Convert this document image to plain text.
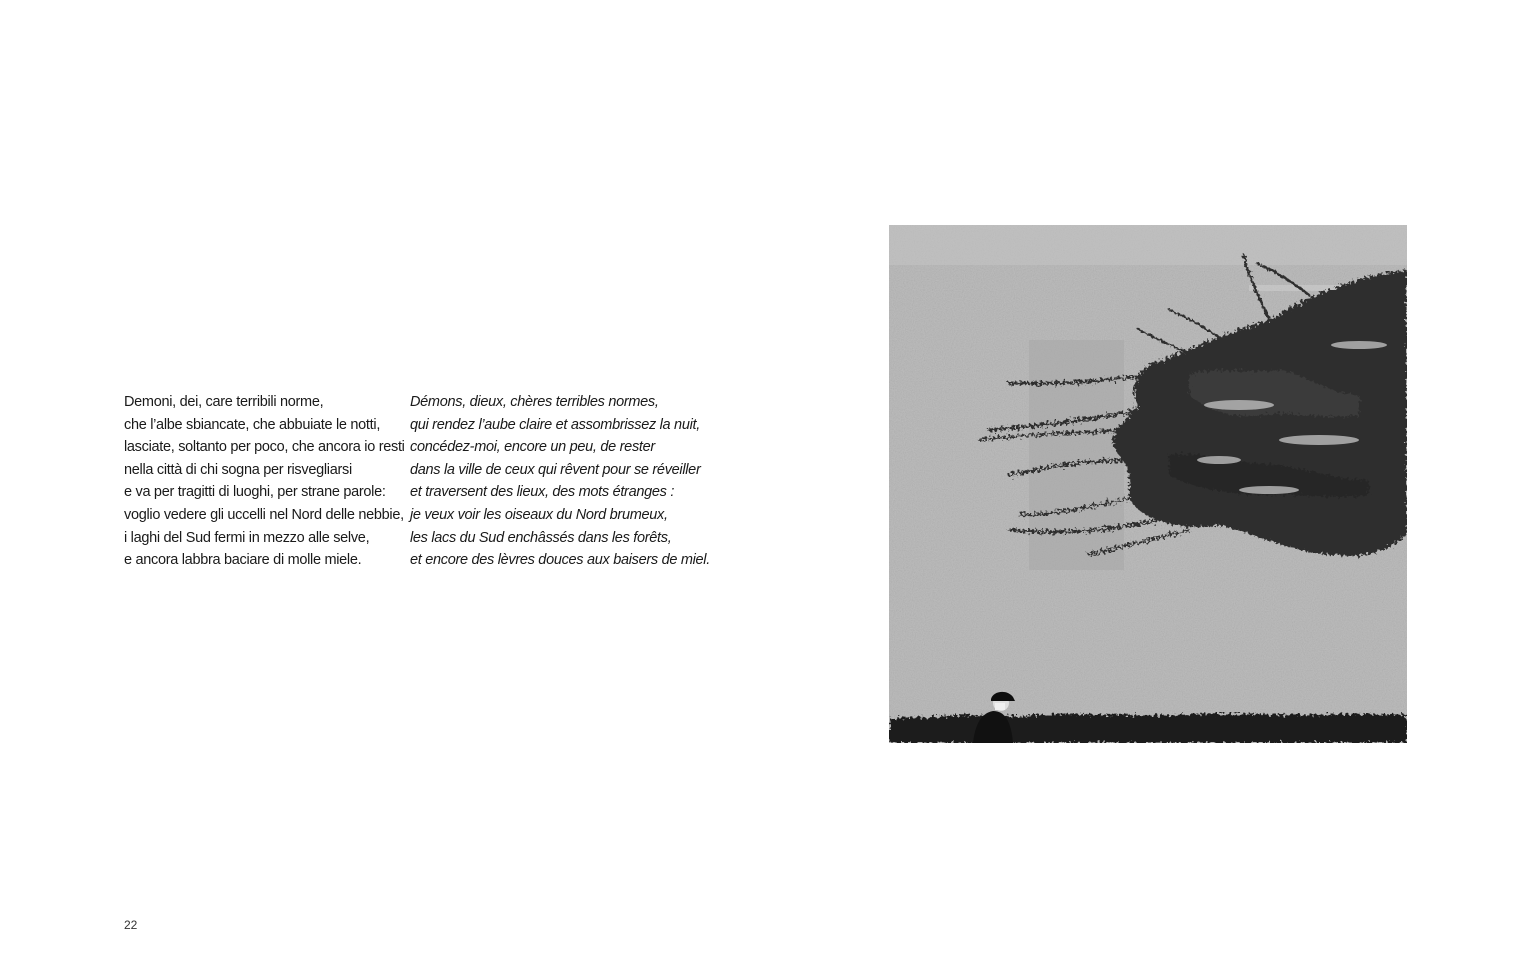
Demoni, dei, care terribili norme,
che l’albe sbiancate, che abbuiate le notti,
lasciate, soltanto per poco, che ancora io resti
nella città di chi sogna per risvegliarsi
e va per tragitti di luoghi, per strane parole:
voglio vedere gli uccelli nel Nord delle nebbie,
i laghi del Sud fermi in mezzo alle selve,
e ancora labbra baciare di molle miele.
Démons, dieux, chères terribles normes,
qui rendez l’aube claire et assombrissez la nuit,
concédez-moi, encore un peu, de rester
dans la ville de ceux qui rêvent pour se réveiller
et traversent des lieux, des mots étranges :
je veux voir les oiseaux du Nord brumeux,
les lacs du Sud enchâssés dans les forêts,
et encore des lèvres douces aux baisers de miel.
22
